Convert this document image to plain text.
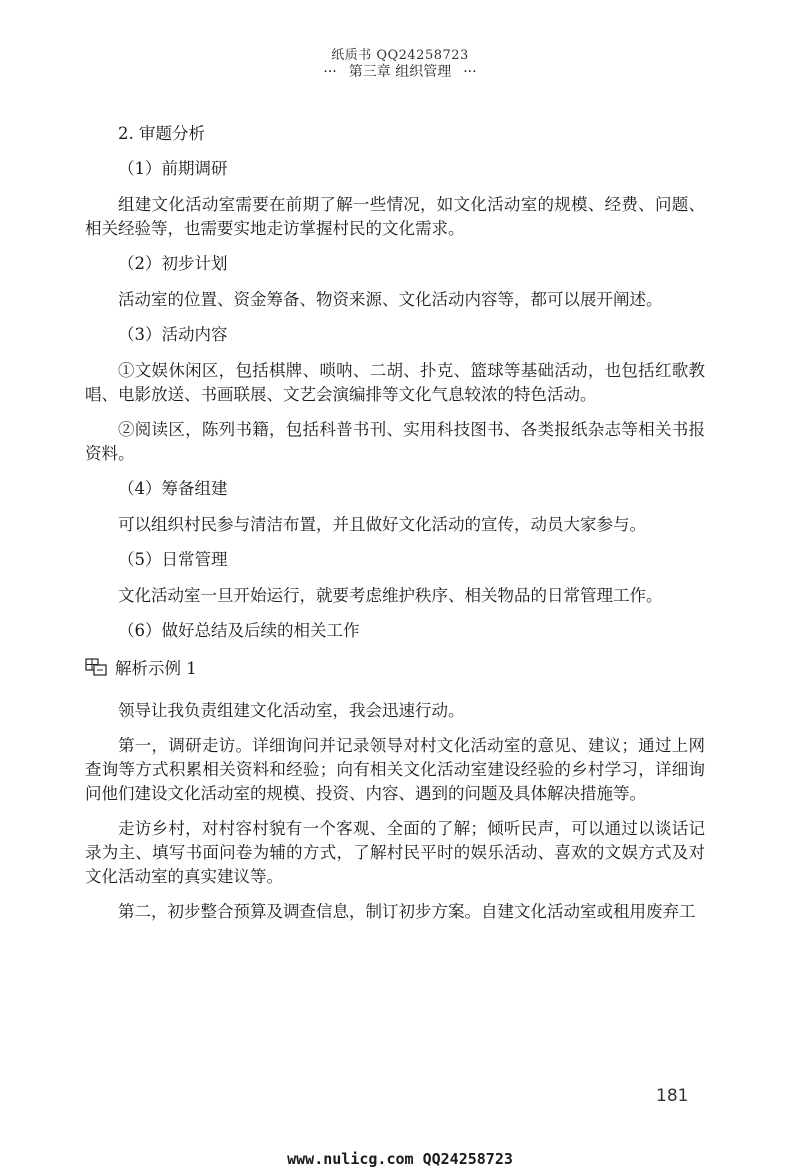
纸质书 QQ24258723
··· 第三章 组织管理 ···
2. 审题分析
（1）前期调研
组建文化活动室需要在前期了解一些情况，如文化活动室的规模、经费、问题、相关经验等，也需要实地走访掌握村民的文化需求。
（2）初步计划
活动室的位置、资金筹备、物资来源、文化活动内容等，都可以展开阐述。
（3）活动内容
①文娱休闲区，包括棋牌、唢呐、二胡、扑克、篮球等基础活动，也包括红歌教唱、电影放送、书画联展、文艺会演编排等文化气息较浓的特色活动。
②阅读区，陈列书籍，包括科普书刊、实用科技图书、各类报纸杂志等相关书报资料。
（4）筹备组建
可以组织村民参与清洁布置，并且做好文化活动的宣传，动员大家参与。
（5）日常管理
文化活动室一旦开始运行，就要考虑维护秩序、相关物品的日常管理工作。
（6）做好总结及后续的相关工作
解析示例 1
领导让我负责组建文化活动室，我会迅速行动。
第一，调研走访。详细询问并记录领导对村文化活动室的意见、建议；通过上网查询等方式积累相关资料和经验；向有相关文化活动室建设经验的乡村学习，详细询问他们建设文化活动室的规模、投资、内容、遇到的问题及具体解决措施等。
走访乡村，对村容村貌有一个客观、全面的了解；倾听民声，可以通过以谈话记录为主、填写书面问卷为辅的方式，了解村民平时的娱乐活动、喜欢的文娱方式及对文化活动室的真实建议等。
第二，初步整合预算及调查信息，制订初步方案。自建文化活动室或租用废弃工
181
www.nulicg.com QQ24258723
